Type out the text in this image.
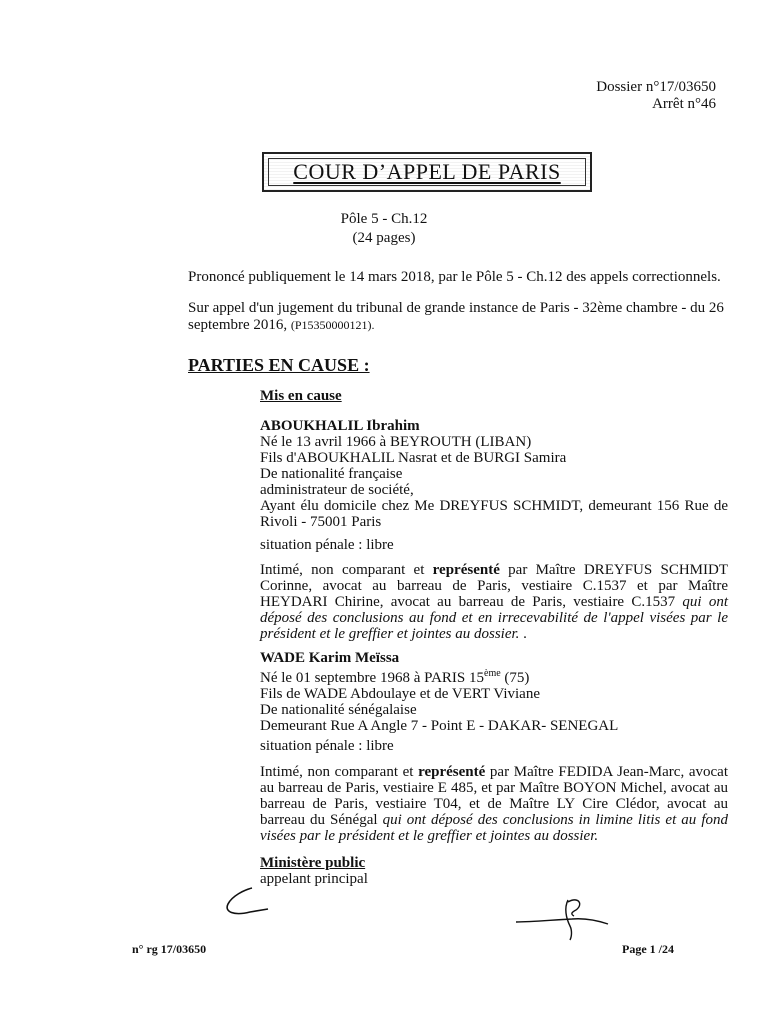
Dossier n°17/03650
Arrêt n°46
COUR D’APPEL DE PARIS
Pôle 5 - Ch.12
(24 pages)
Prononcé publiquement le 14 mars 2018, par le Pôle 5 - Ch.12 des appels correctionnels.
Sur appel d'un jugement du tribunal de grande instance de Paris - 32ème chambre - du 26 septembre 2016, (P15350000121).
PARTIES EN CAUSE :
Mis en cause
ABOUKHALIL Ibrahim
Né le 13 avril 1966 à BEYROUTH (LIBAN)
Fils d'ABOUKHALIL Nasrat et de BURGI Samira
De nationalité française
administrateur de société,
Ayant élu domicile chez Me DREYFUS SCHMIDT, demeurant 156 Rue de Rivoli - 75001 Paris
situation pénale : libre
Intimé, non comparant et représenté par Maître DREYFUS SCHMIDT Corinne, avocat au barreau de Paris, vestiaire C.1537 et par Maître HEYDARI Chirine, avocat au barreau de Paris, vestiaire C.1537 qui ont déposé des conclusions au fond et en irrecevabilité de l'appel visées par le président et le greffier et jointes au dossier. .
WADE Karim Meïssa
Né le 01 septembre 1968 à PARIS 15ème (75)
Fils de WADE Abdoulaye et de VERT Viviane
De nationalité sénégalaise
Demeurant Rue A Angle 7 - Point E - DAKAR- SENEGAL
situation pénale : libre
Intimé, non comparant et représenté par Maître FEDIDA Jean-Marc, avocat au barreau de Paris, vestiaire E 485, et par Maître BOYON Michel, avocat au barreau de Paris, vestiaire T04, et de Maître LY Cire Clédor, avocat au barreau du Sénégal qui ont déposé des conclusions in limine litis et au fond visées par le président et le greffier et jointes au dossier.
Ministère public
appelant principal
n° rg 17/03650	Page 1 /24
